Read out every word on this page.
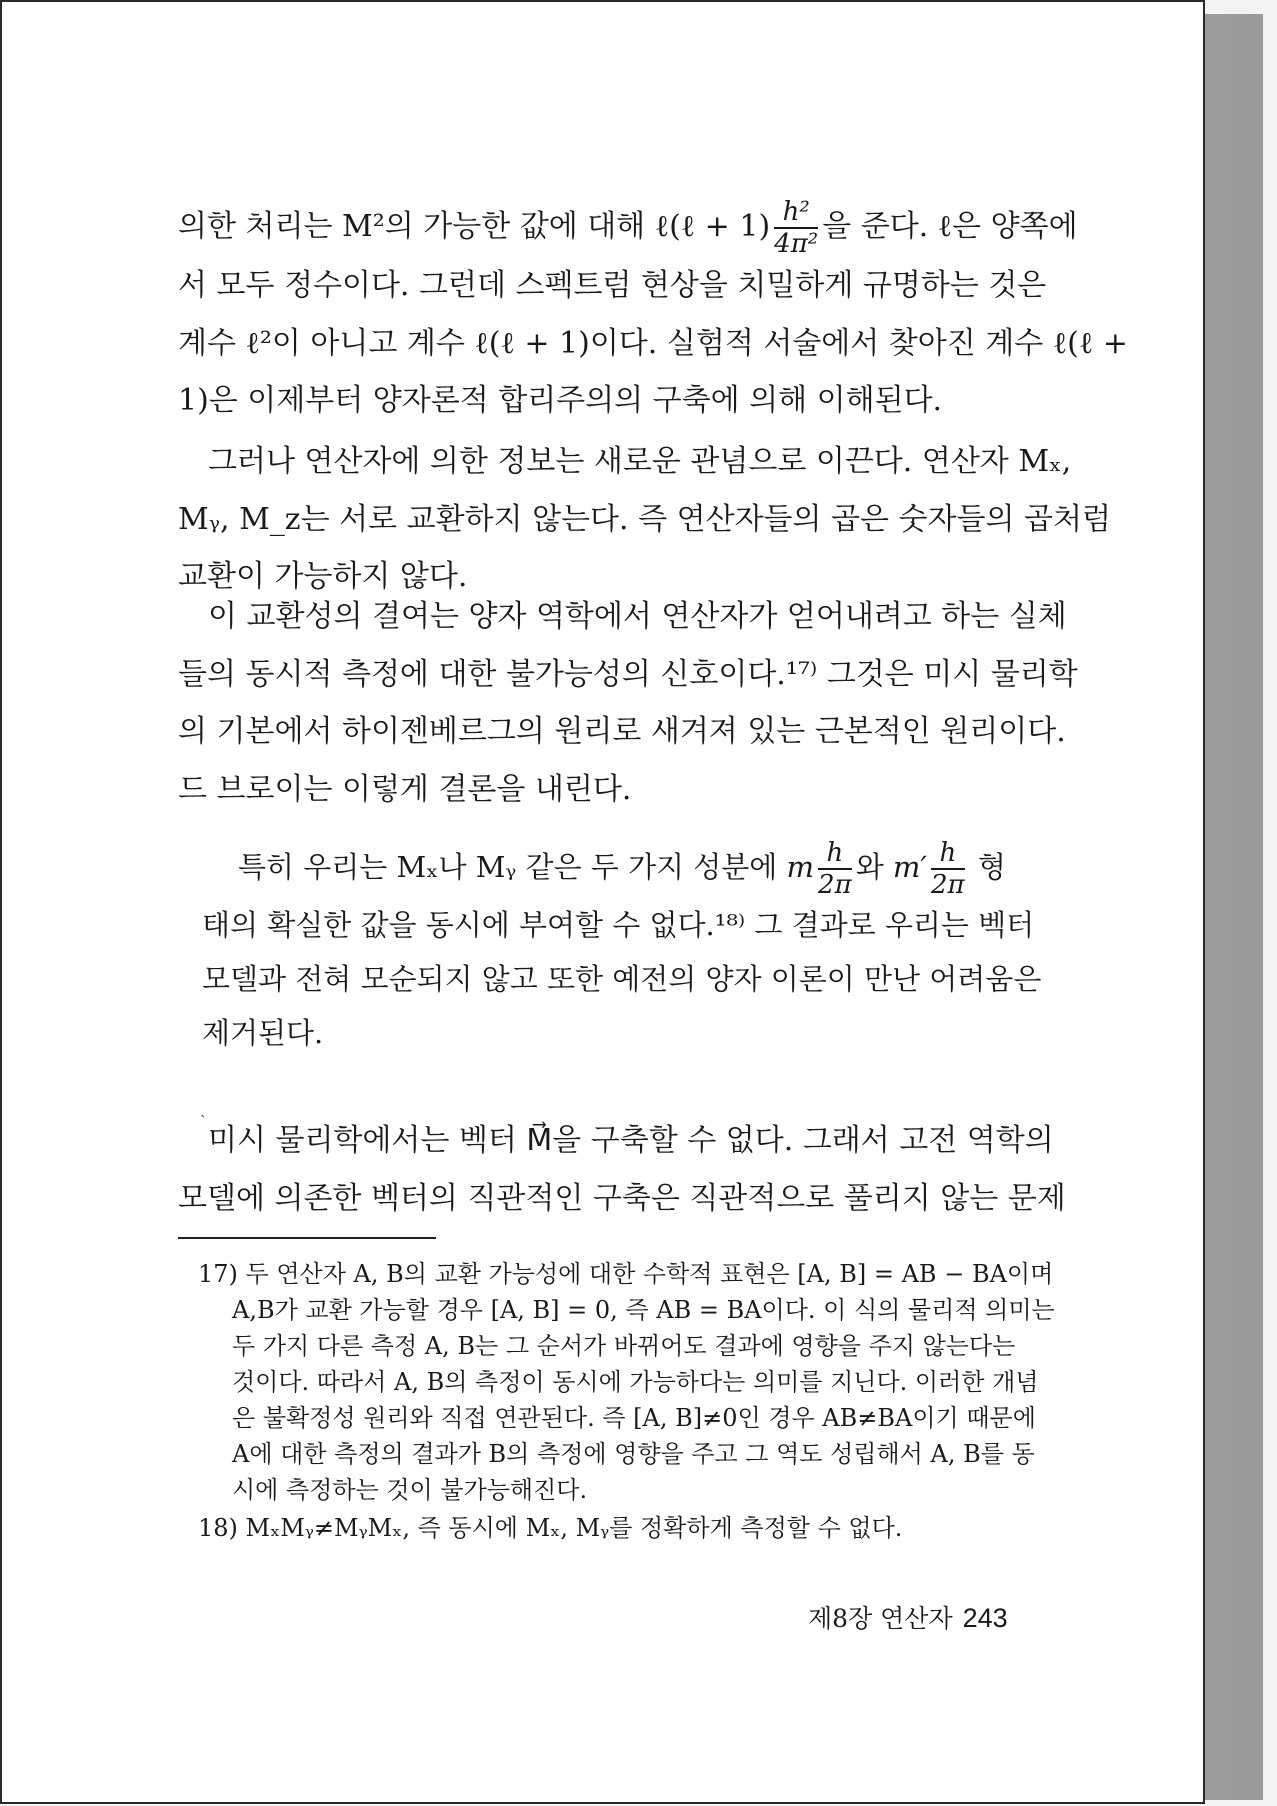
의한 처리는 M²의 가능한 값에 대해 ℓ(ℓ + $1) \frac{\text{h²}}{\text{4π²}}$ 을 준다. ℓ은 양쪽에
서 모두 정수이다. 그런데 스펙트럼 현상을 치밀하게 규명하는 것은
계수 ℓ²이 아니고 계수 ℓ(ℓ + 1)이다. 실험적 서술에서 찾아진 계수 ℓ(ℓ +
1)은 이제부터 양자론적 합리주의의 구축에 의해 이해된다.
그러나 연산자에 의한 정보는 새로운 관념으로 이끈다. 연산자 Mₓ,
Mᵧ, M_z는 서로 교환하지 않는다. 즉 연산자들의 곱은 숫자들의 곱처럼
교환이 가능하지 않다.
이 교환성의 결여는 양자 역학에서 연산자가 얻어내려고 하는 실체
들의 동시적 측정에 대한 불가능성의 신호이다.¹⁷⁾ 그것은 미시 물리학
의 기본에서 하이젠베르그의 원리로 새겨져 있는 근본적인 원리이다.
드 브로이는 이렇게 결론을 내린다.
특히 우리는 Mₓ나 Mᵧ 같은 두 가지 성분에 m $\frac{h}{2\pi}$ 와 $m' \frac{h}{2\pi}$ 형
태의 확실한 값을 동시에 부여할 수 없다.¹⁸⁾ 그 결과로 우리는 벡터
모델과 전혀 모순되지 않고 또한 예전의 양자 이론이 만난 어려움은
제거된다.
`
미시 물리학에서는 벡터 M⃗을 구축할 수 없다. 그래서 고전 역학의
모델에 의존한 벡터의 직관적인 구축은 직관적으로 풀리지 않는 문제
17) 두 연산자 A, B의 교환 가능성에 대한 수학적 표현은 [A, B] = AB − BA이며
A,B가 교환 가능할 경우 [A, B] = 0, 즉 AB = BA이다. 이 식의 물리적 의미는
두 가지 다른 측정 A, B는 그 순서가 바뀌어도 결과에 영향을 주지 않는다는
것이다. 따라서 A, B의 측정이 동시에 가능하다는 의미를 지닌다. 이러한 개념
은 불확정성 원리와 직접 연관된다. 즉 [A, B]≠0인 경우 AB≠BA이기 때문에
A에 대한 측정의 결과가 B의 측정에 영향을 주고 그 역도 성립해서 A, B를 동
시에 측정하는 것이 불가능해진다.
18) MₓMᵧ≠MᵧMₓ, 즉 동시에 Mₓ, Mᵧ를 정확하게 측정할 수 없다.
제8장 연산자 243
